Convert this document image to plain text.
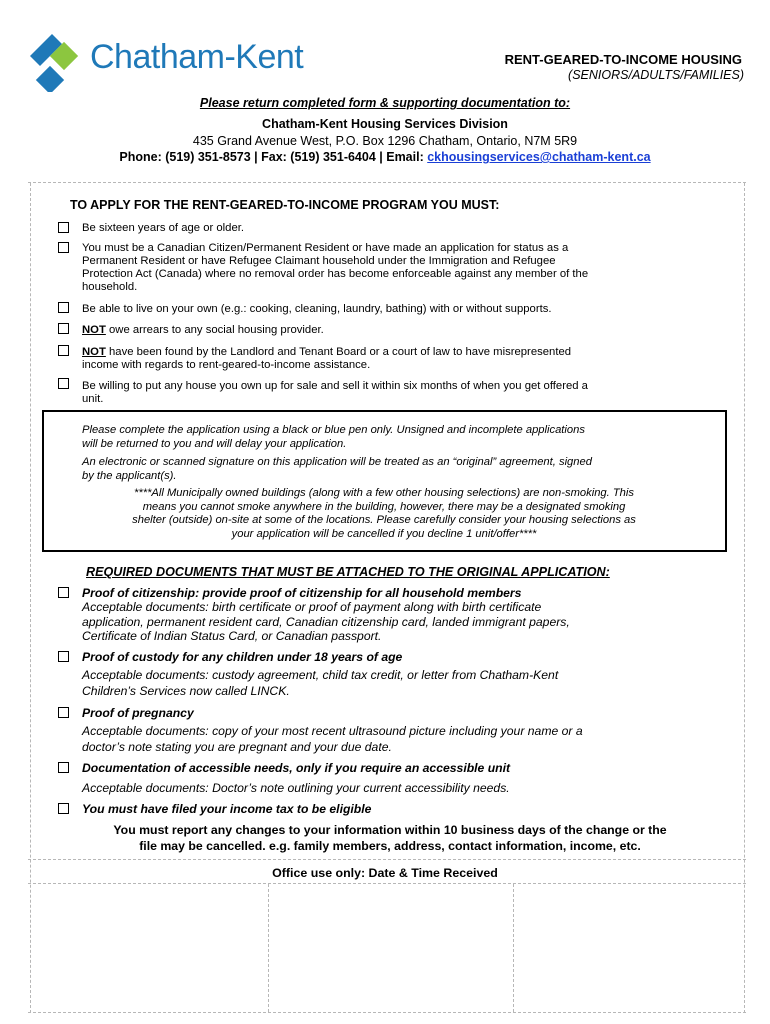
Chatham-Kent	RENT-GEARED-TO-INCOME HOUSING
(SENIORS/ADULTS/FAMILIES)
Please return completed form & supporting documentation to:
Chatham-Kent Housing Services Division
435 Grand Avenue West, P.O. Box 1296 Chatham, Ontario, N7M 5R9
Phone: (519) 351-8573 | Fax: (519) 351-6404 | Email: ckhousingservices@chatham-kent.ca
TO APPLY FOR THE RENT-GEARED-TO-INCOME PROGRAM YOU MUST:
Be sixteen years of age or older.
You must be a Canadian Citizen/Permanent Resident or have made an application for status as a
Permanent Resident or have Refugee Claimant household under the Immigration and Refugee
Protection Act (Canada) where no removal order has become enforceable against any member of the
household.
Be able to live on your own (e.g.: cooking, cleaning, laundry, bathing) with or without supports.
NOT owe arrears to any social housing provider.
NOT have been found by the Landlord and Tenant Board or a court of law to have misrepresented
income with regards to rent-geared-to-income assistance.
Be willing to put any house you own up for sale and sell it within six months of when you get offered a
unit.
Please complete the application using a black or blue pen only. Unsigned and incomplete applications
will be returned to you and will delay your application.
An electronic or scanned signature on this application will be treated as an “original” agreement, signed
by the applicant(s).
****All Municipally owned buildings (along with a few other housing selections) are non-smoking. This
means you cannot smoke anywhere in the building, however, there may be a designated smoking
shelter (outside) on-site at some of the locations. Please carefully consider your housing selections as
your application will be cancelled if you decline 1 unit/offer****
REQUIRED DOCUMENTS THAT MUST BE ATTACHED TO THE ORIGINAL APPLICATION:
Proof of citizenship: provide proof of citizenship for all household members
Acceptable documents: birth certificate or proof of payment along with birth certificate
application, permanent resident card, Canadian citizenship card, landed immigrant papers,
Certificate of Indian Status Card, or Canadian passport.
Proof of custody for any children under 18 years of age
Acceptable documents: custody agreement, child tax credit, or letter from Chatham-Kent
Children’s Services now called LINCK.
Proof of pregnancy
Acceptable documents: copy of your most recent ultrasound picture including your name or a
doctor’s note stating you are pregnant and your due date.
Documentation of accessible needs, only if you require an accessible unit
Acceptable documents: Doctor’s note outlining your current accessibility needs.
You must have filed your income tax to be eligible
You must report any changes to your information within 10 business days of the change or the
file may be cancelled. e.g. family members, address, contact information, income, etc.
Office use only: Date & Time Received
